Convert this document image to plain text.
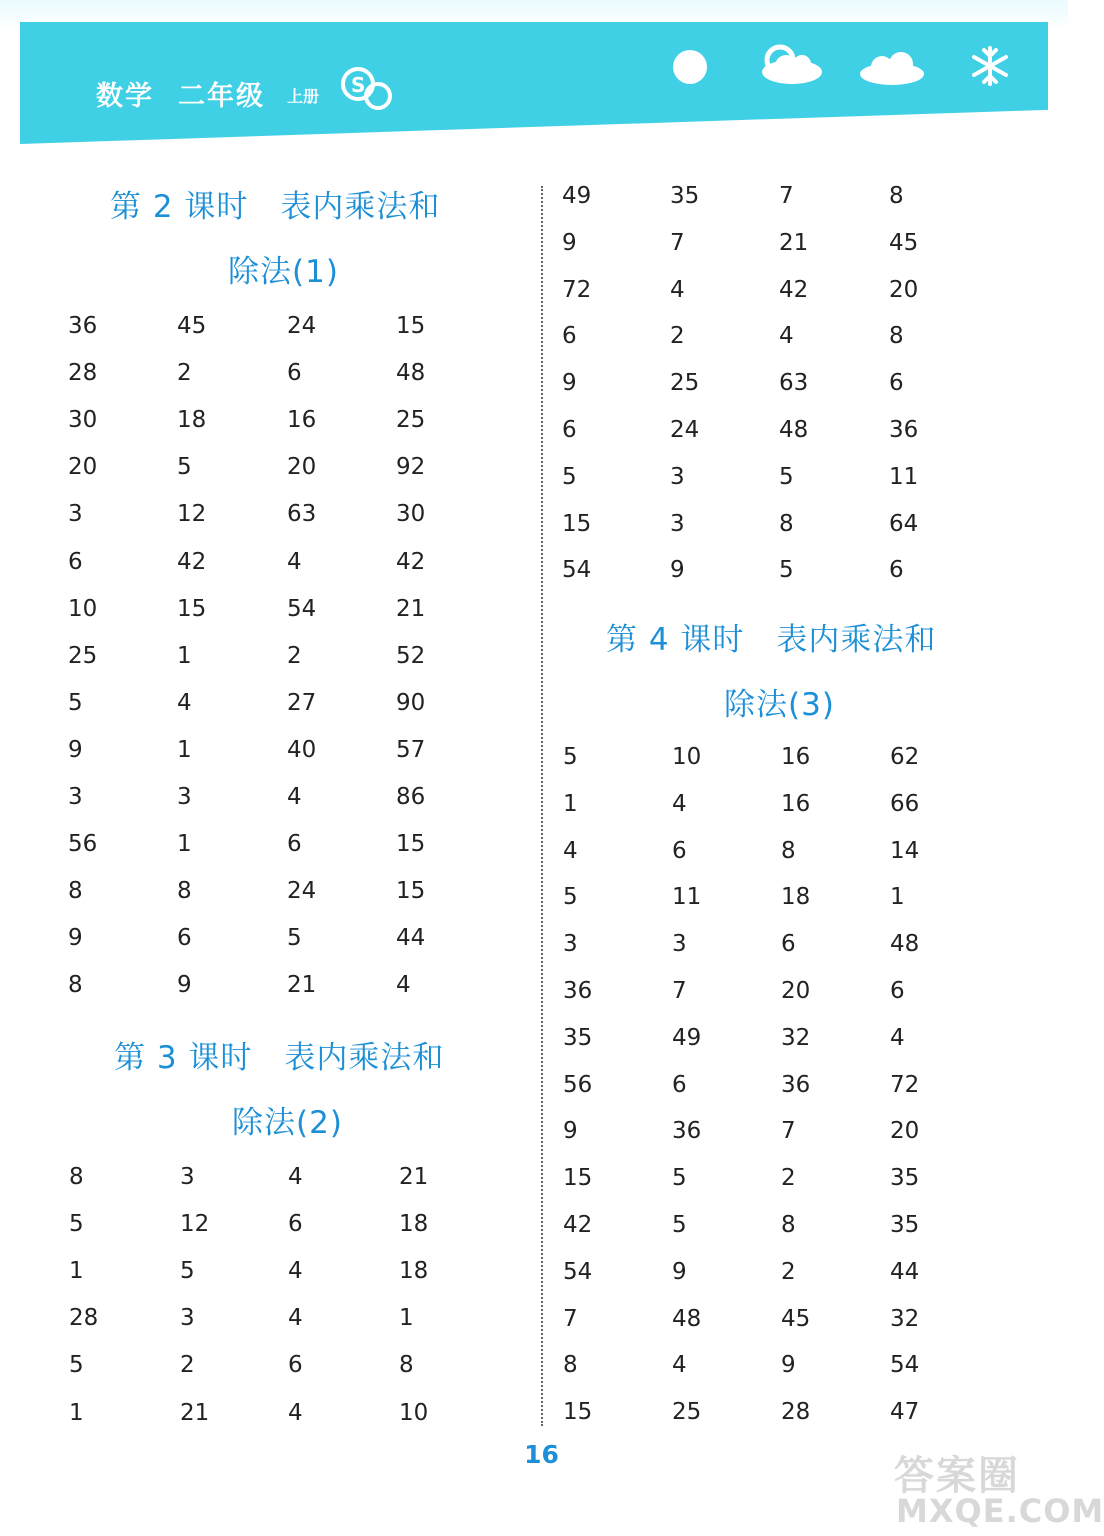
数学 二年级 上册 S
第 2 课时　表内乘法和
除法(1)
第 3 课时　表内乘法和
除法(2)
第 4 课时　表内乘法和
除法(3)
36	45	24	15
28	2	6	48
30	18	16	25
20	5	20	92
3	12	63	30
6	42	4	42
10	15	54	21
25	1	2	52
5	4	27	90
9	1	40	57
3	3	4	86
56	1	6	15
8	8	24	15
9	6	5	44
8	9	21	4
8	3	4	21
5	12	6	18
1	5	4	18
28	3	4	1
5	2	6	8
1	21	4	10
49	35	7	8
9	7	21	45
72	4	42	20
6	2	4	8
9	25	63	6
6	24	48	36
5	3	5	11
15	3	8	64
54	9	5	6
5	10	16	62
1	4	16	66
4	6	8	14
5	11	18	1
3	3	6	48
36	7	20	6
35	49	32	4
56	6	36	72
9	36	7	20
15	5	2	35
42	5	8	35
54	9	2	44
7	48	45	32
8	4	9	54
15	25	28	47
16	答案圈
MXQE.COM
